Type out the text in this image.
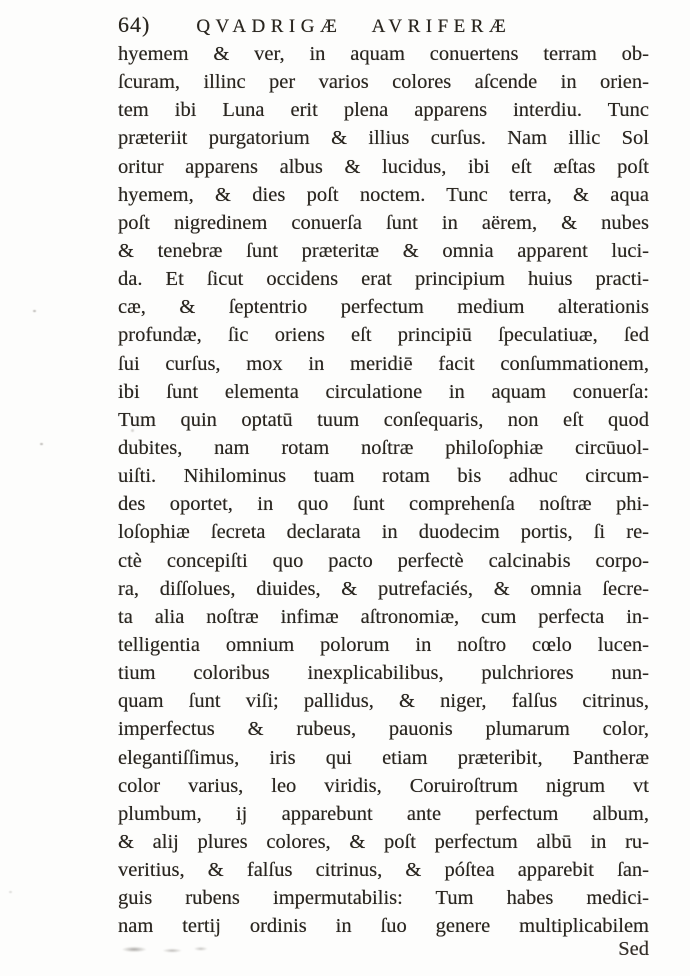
64) QVADRIGÆ AVRIFERÆ
hyemem & ver, in aquam conuertens terram ob-
ſcuram, illinc per varios colores aſcende in orien-
tem ibi Luna erit plena apparens interdiu. Tunc
præteriit purgatorium & illius curſus. Nam illic Sol
oritur apparens albus & lucidus, ibi eſt æſtas poſt
hyemem, & dies poſt noctem. Tunc terra, & aqua
poſt nigredinem conuerſa ſunt in aërem, & nubes
& tenebræ ſunt præteritæ & omnia apparent luci-
da. Et ſicut occidens erat principium huius practi-
cæ, & ſeptentrio perfectum medium alterationis
profundæ, ſic oriens eſt principiū ſpeculatiuæ, ſed
ſui curſus, mox in meridiē facit conſummationem,
ibi ſunt elementa circulatione in aquam conuerſa:
Tum quin optatū tuum conſequaris, non eſt quod
dubites, nam rotam noſtræ philoſophiæ circūuol-
uiſti. Nihilominus tuam rotam bis adhuc circum-
des oportet, in quo ſunt comprehenſa noſtræ phi-
loſophiæ ſecreta declarata in duodecim portis, ſi re-
ctè concepiſti quo pacto perfectè calcinabis corpo-
ra, diſſolues, diuides, & putrefaciés, & omnia ſecre-
ta alia noſtræ infimæ aſtronomiæ, cum perfecta in-
telligentia omnium polorum in noſtro cœlo lucen-
tium coloribus inexplicabilibus, pulchriores nun-
quam ſunt viſi; pallidus, & niger, falſus citrinus,
imperfectus & rubeus, pauonis plumarum color,
elegantiſſimus, iris qui etiam præteribit, Pantheræ
color varius, leo viridis, Coruiroſtrum nigrum vt
plumbum, ij apparebunt ante perfectum album,
& alij plures colores, & poſt perfectum albū in ru-
veritius, & falſus citrinus, & póſtea apparebit ſan-
guis rubens impermutabilis: Tum habes medici-
nam tertij ordinis in ſuo genere multiplicabilem
Sed
